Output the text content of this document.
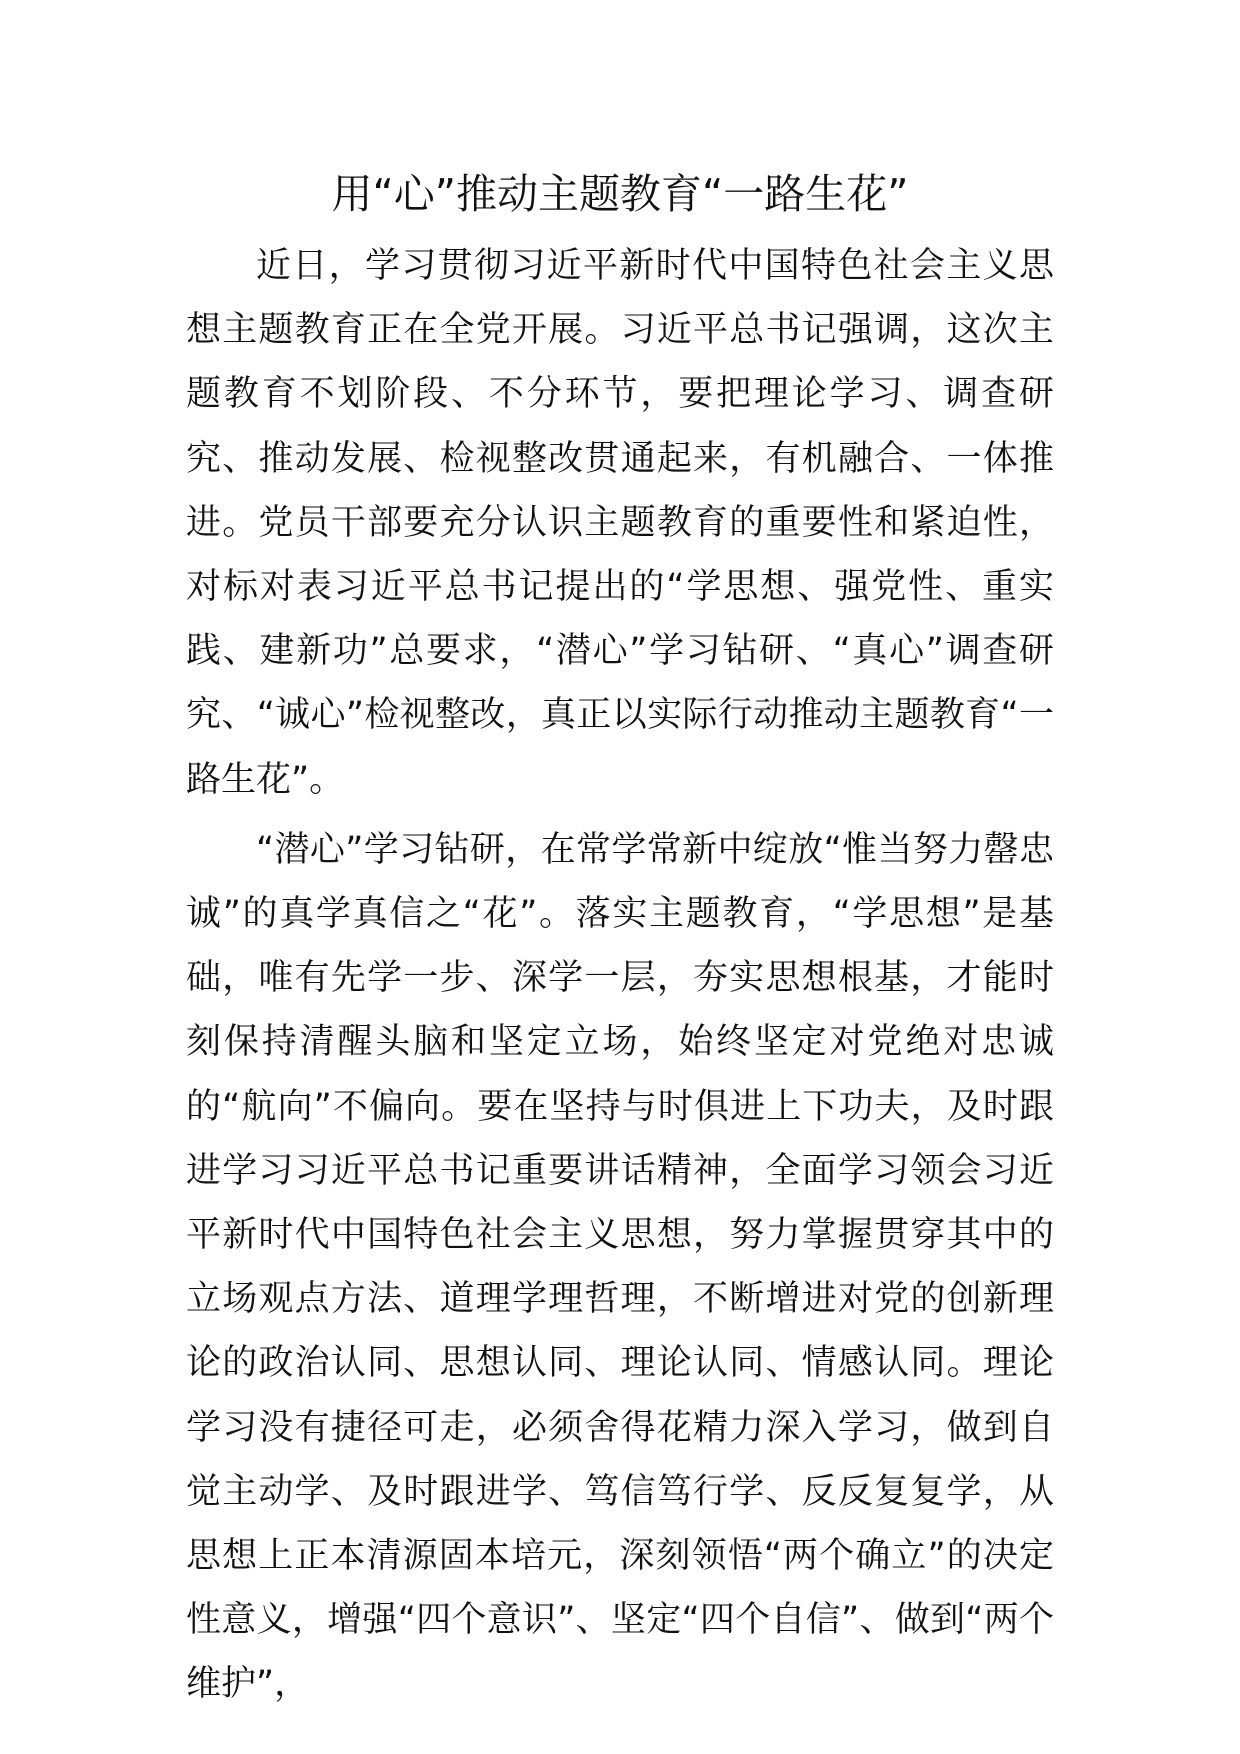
用“心”推动主题教育“一路生花”

近日，学习贯彻习近平新时代中国特色社会主义思想主题教育正在全党开展。习近平总书记强调，这次主题教育不划阶段、不分环节，要把理论学习、调查研究、推动发展、检视整改贯通起来，有机融合、一体推进。党员干部要充分认识主题教育的重要性和紧迫性，对标对表习近平总书记提出的“学思想、强党性、重实践、建新功”总要求，“潜心”学习钻研、“真心”调查研究、“诚心”检视整改，真正以实际行动推动主题教育“一路生花”。

“潜心”学习钻研，在常学常新中绽放“惟当努力罄忠诚”的真学真信之“花”。落实主题教育，“学思想”是基础，唯有先学一步、深学一层，夯实思想根基，才能时刻保持清醒头脑和坚定立场，始终坚定对党绝对忠诚的“航向”不偏向。要在坚持与时俱进上下功夫，及时跟进学习习近平总书记重要讲话精神，全面学习领会习近平新时代中国特色社会主义思想，努力掌握贯穿其中的立场观点方法、道理学理哲理，不断增进对党的创新理论的政治认同、思想认同、理论认同、情感认同。理论学习没有捷径可走，必须舍得花精力深入学习，做到自觉主动学、及时跟进学、笃信笃行学、反反复复学，从思想上正本清源固本培元，深刻领悟“两个确立”的决定性意义，增强“四个意识”、坚定“四个自信”、做到“两个维护”，
